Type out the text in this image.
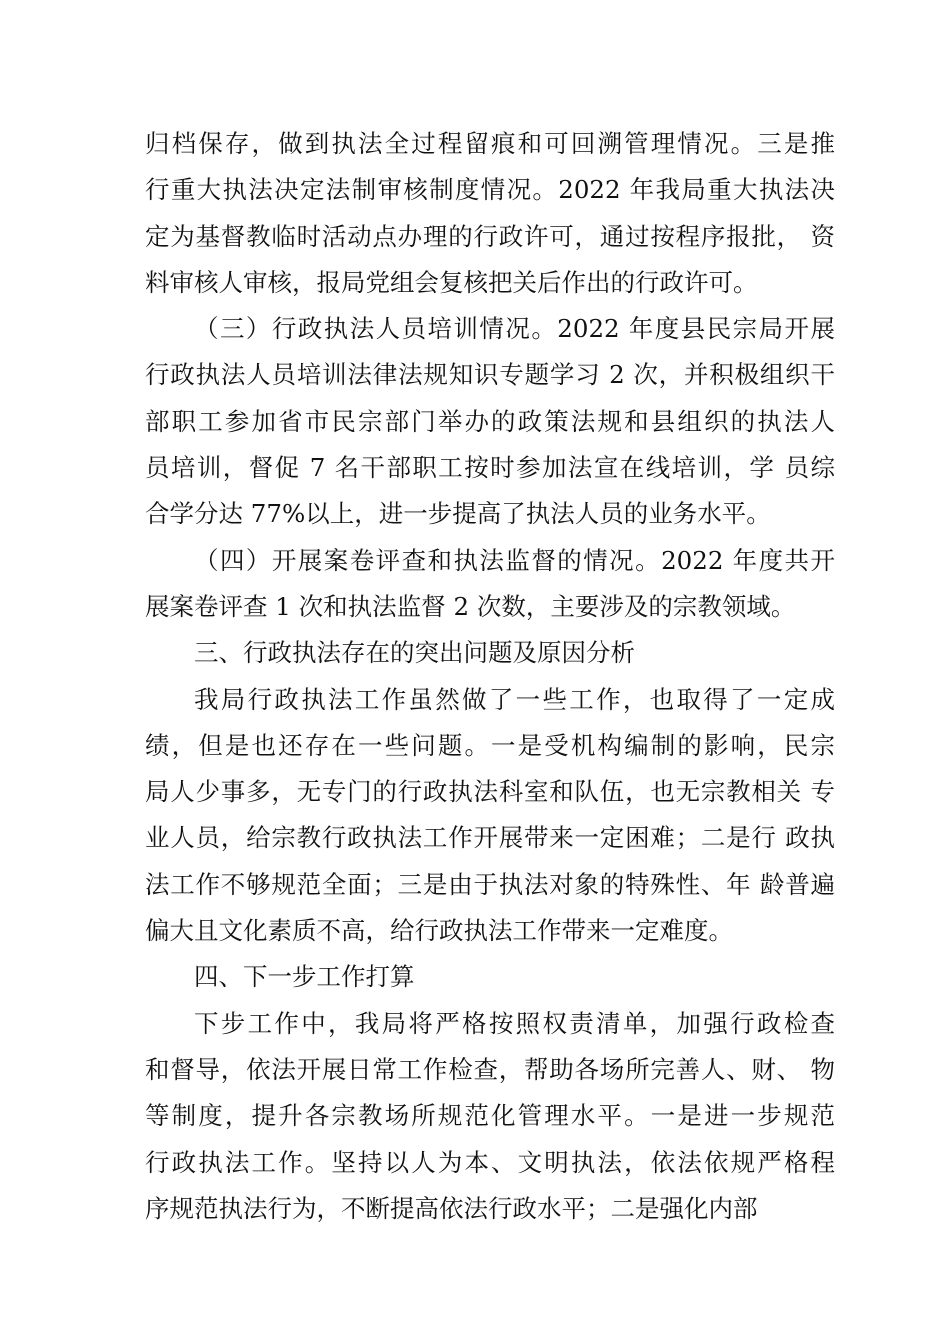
归档保存，做到执法全过程留痕和可回溯管理情况。三是推
行重大执法决定法制审核制度情况。2022 年我局重大执法决
定为基督教临时活动点办理的行政许可，通过按程序报批， 资
料审核人审核，报局党组会复核把关后作出的行政许可。
（三）行政执法人员培训情况。2022 年度县民宗局开展
行政执法人员培训法律法规知识专题学习 2 次，并积极组织干
部职工参加省市民宗部门举办的政策法规和县组织的执法人
员培训，督促 7 名干部职工按时参加法宣在线培训，学 员综
合学分达 77%以上，进一步提高了执法人员的业务水平。
（四）开展案卷评查和执法监督的情况。2022 年度共开
展案卷评查 1 次和执法监督 2 次数，主要涉及的宗教领域。
三、行政执法存在的突出问题及原因分析
我局行政执法工作虽然做了一些工作，也取得了一定成
绩，但是也还存在一些问题。一是受机构编制的影响，民宗
局人少事多，无专门的行政执法科室和队伍，也无宗教相关 专
业人员，给宗教行政执法工作开展带来一定困难；二是行 政执
法工作不够规范全面；三是由于执法对象的特殊性、年 龄普遍
偏大且文化素质不高，给行政执法工作带来一定难度。
四、下一步工作打算
下步工作中，我局将严格按照权责清单，加强行政检查
和督导，依法开展日常工作检查，帮助各场所完善人、财、 物
等制度，提升各宗教场所规范化管理水平。一是进一步规范
行政执法工作。坚持以人为本、文明执法，依法依规严格程
序规范执法行为，不断提高依法行政水平；二是强化内部
